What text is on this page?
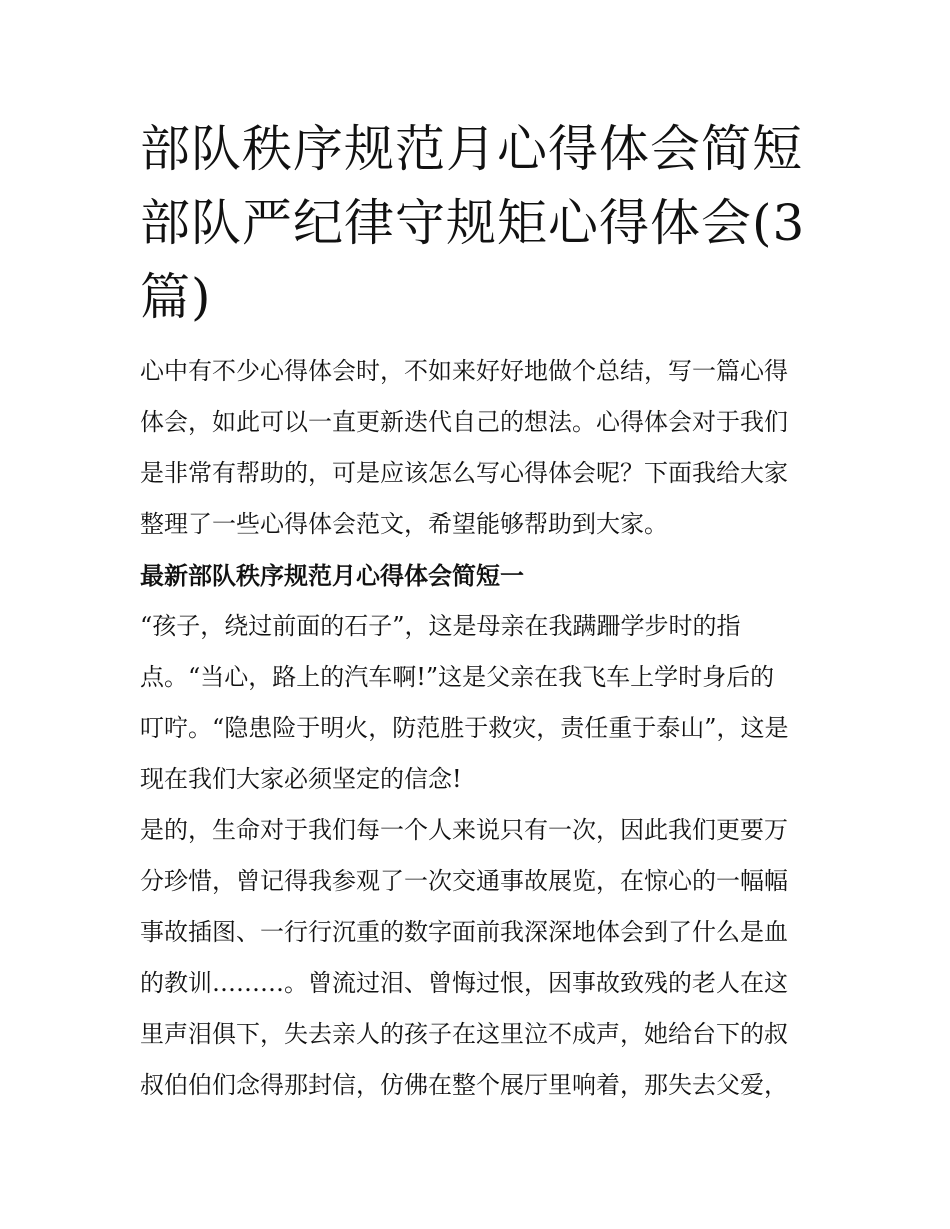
部队秩序规范月心得体会简短
部队严纪律守规矩心得体会(3
篇)

心中有不少心得体会时，不如来好好地做个总结，写一篇心得
体会，如此可以一直更新迭代自己的想法。心得体会对于我们
是非常有帮助的，可是应该怎么写心得体会呢？下面我给大家
整理了一些心得体会范文，希望能够帮助到大家。

最新部队秩序规范月心得体会简短一

“孩子，绕过前面的石子”，这是母亲在我蹒跚学步时的指
点。“当心，路上的汽车啊!”这是父亲在我飞车上学时身后的
叮咛。“隐患险于明火，防范胜于救灾，责任重于泰山”，这是
现在我们大家必须坚定的信念!

是的，生命对于我们每一个人来说只有一次，因此我们更要万
分珍惜，曾记得我参观了一次交通事故展览，在惊心的一幅幅
事故插图、一行行沉重的数字面前我深深地体会到了什么是血
的教训………。曾流过泪、曾悔过恨，因事故致残的老人在这
里声泪俱下，失去亲人的孩子在这里泣不成声，她给台下的叔
叔伯伯们念得那封信，仿佛在整个展厅里响着，那失去父爱，
